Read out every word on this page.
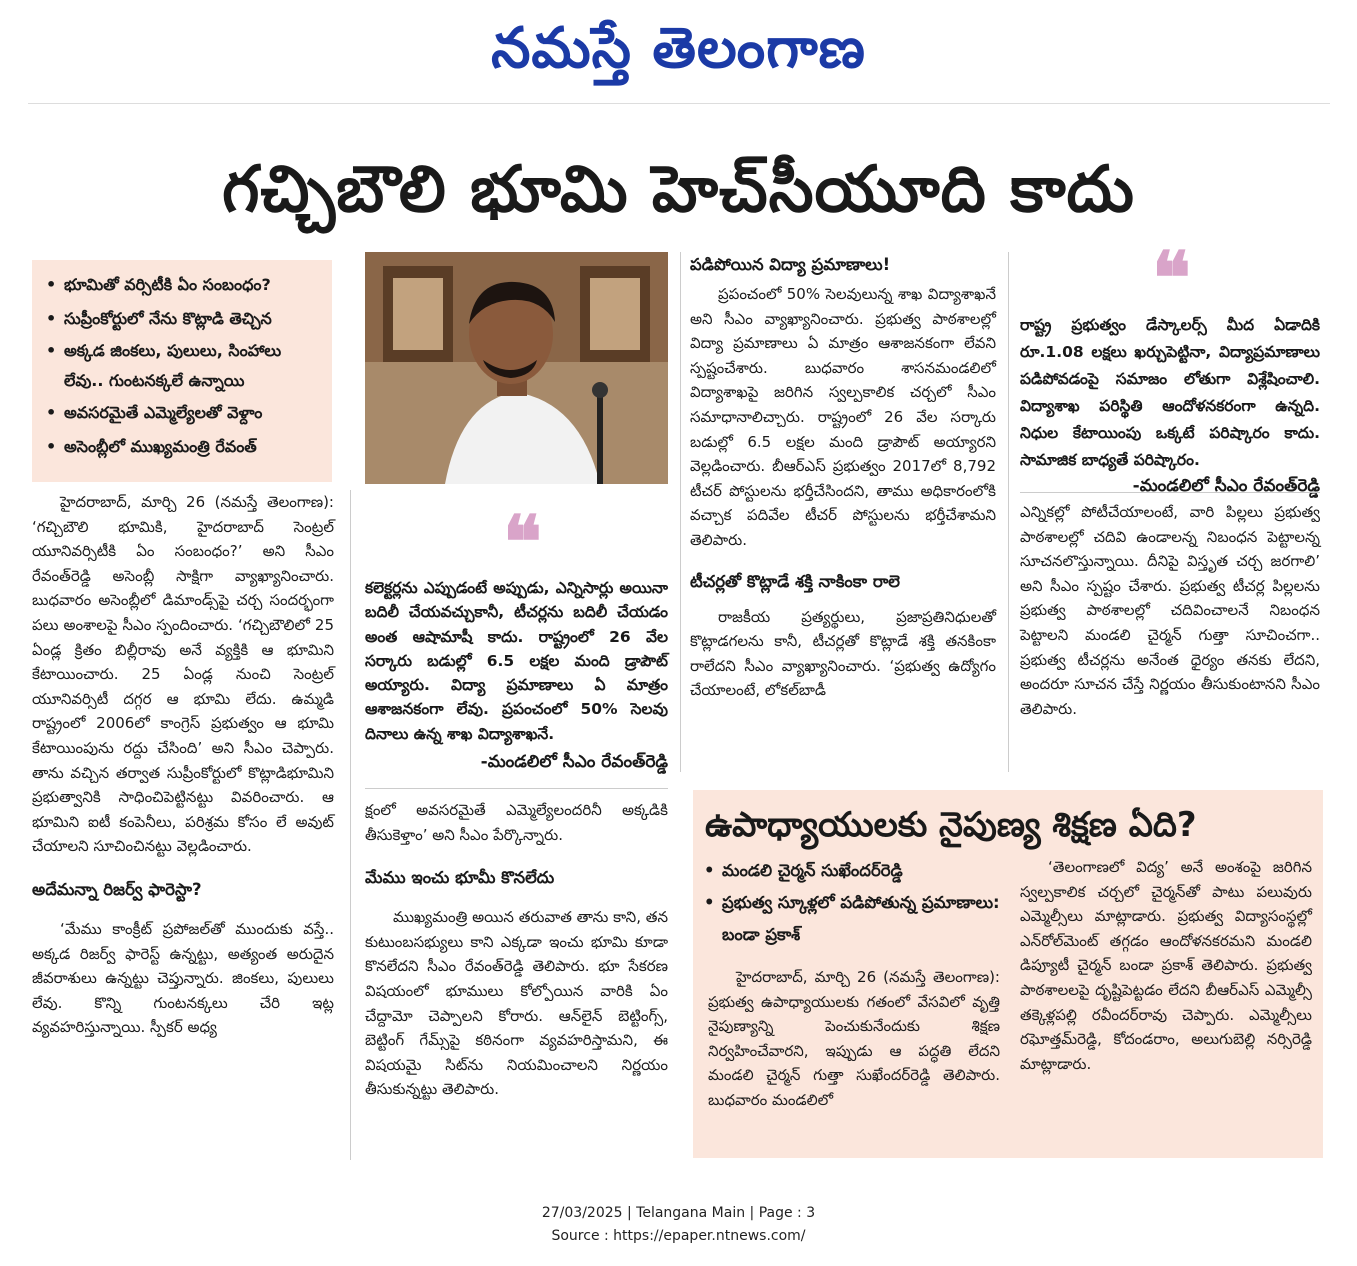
నమస్తే తెలంగాణ
గచ్చిబౌలి భూమి హెచ్‌సీయూది కాదు
• భూమితో వర్సిటీకి ఏం సంబంధం?
• సుప్రీంకోర్టులో నేను కొట్లాడి తెచ్చిన
• అక్కడ జింకలు, పులులు, సింహాలు లేవు.. గుంటనక్కలే ఉన్నాయి
• అవసరమైతే ఎమ్మెల్యేలతో వెళ్దాం
• అసెంబ్లీలో ముఖ్యమంత్రి రేవంత్

హైదరాబాద్, మార్చి 26 (నమస్తే తెలంగాణ): ‘గచ్చిబౌలి భూమికి, హైదరాబాద్ సెంట్రల్ యూనివర్సిటీకి ఏం సంబంధం?’ అని సీఎం రేవంత్‌రెడ్డి అసెంబ్లీ సాక్షిగా వ్యాఖ్యానించారు. బుధవారం అసెంబ్లీలో డిమాండ్స్‌పై చర్చ సందర్భంగా పలు అంశాలపై సీఎం స్పందించారు. ‘గచ్చిబౌలిలో 25 ఏండ్ల క్రితం బిల్లీరావు అనే వ్యక్తికి ఆ భూమిని కేటాయించారు. 25 ఏండ్ల నుంచి సెంట్రల్ యూనివర్సిటీ దగ్గర ఆ భూమి లేదు. ఉమ్మడి రాష్ట్రంలో 2006లో కాంగ్రెస్ ప్రభుత్వం ఆ భూమి కేటాయింపును రద్దు చేసింది’ అని సీఎం చెప్పారు. తాను వచ్చిన తర్వాత సుప్రీంకోర్టులో కొట్లాడిభూమిని ప్రభుత్వానికి సాధించిపెట్టినట్టు వివరించారు. ఆ భూమిని ఐటీ కంపెనీలు, పరిశ్రమ కోసం లే అవుట్ చేయాలని సూచించినట్టు వెల్లడించారు.

అదేమన్నా రిజర్వ్ ఫారెస్టా?

‘మేము కాంక్రీట్ ప్రపోజల్‌తో ముందుకు వస్తే.. అక్కడ రిజర్వ్ ఫారెస్ట్ ఉన్నట్టు, అత్యంత అరుదైన జీవరాశులు ఉన్నట్టు చెప్తున్నారు. జింకలు, పులులు లేవు. కొన్ని గుంటనక్కలు చేరి ఇట్ల వ్యవహరిస్తున్నాయి. స్పీకర్ అధ్య

❝
కలెక్టర్లను ఎప్పుడంటే అప్పుడు, ఎన్నిసార్లు అయినా బదిలీ చేయవచ్చుకానీ, టీచర్లను బదిలీ చేయడం అంత ఆషామాషీ కాదు. రాష్ట్రంలో 26 వేల సర్కారు బడుల్లో 6.5 లక్షల మంది డ్రాపౌట్ అయ్యారు. విద్యా ప్రమాణాలు ఏ మాత్రం ఆశాజనకంగా లేవు. ప్రపంచంలో 50% సెలవు దినాలు ఉన్న శాఖ విద్యాశాఖనే.
-మండలిలో సీఎం రేవంత్‌రెడ్డి

క్షంలో అవసరమైతే ఎమ్మెల్యేలందరినీ అక్కడికి తీసుకెళ్తాం’ అని సీఎం పేర్కొన్నారు.

మేము ఇంచు భూమీ కొనలేదు

ముఖ్యమంత్రి అయిన తరువాత తాను కాని, తన కుటుంబసభ్యులు కాని ఎక్కడా ఇంచు భూమి కూడా కొనలేదని సీఎం రేవంత్‌రెడ్డి తెలిపారు. భూ సేకరణ విషయంలో భూములు కోల్పోయిన వారికి ఏం చేద్దామో చెప్పాలని కోరారు. ఆన్‌లైన్ బెట్టింగ్స్, బెట్టింగ్ గేమ్స్‌పై కఠినంగా వ్యవహరిస్తామని, ఈ విషయమై సిట్‌ను నియమించాలని నిర్ణయం తీసుకున్నట్టు తెలిపారు.

పడిపోయిన విద్యా ప్రమాణాలు!

ప్రపంచంలో 50% సెలవులున్న శాఖ విద్యాశాఖనే అని సీఎం వ్యాఖ్యానించారు. ప్రభుత్వ పాఠశాలల్లో విద్యా ప్రమాణాలు ఏ మాత్రం ఆశాజనకంగా లేవని స్పష్టంచేశారు. బుధవారం శాసనమండలిలో విద్యాశాఖపై జరిగిన స్వల్పకాలిక చర్చలో సీఎం సమాధానాలిచ్చారు. రాష్ట్రంలో 26 వేల సర్కారు బడుల్లో 6.5 లక్షల మంది డ్రాపౌట్ అయ్యారని వెల్లడించారు. బీఆర్‌ఎస్ ప్రభుత్వం 2017లో 8,792 టీచర్ పోస్టులను భర్తీచేసిందని, తాము అధికారంలోకి వచ్చాక పదివేల టీచర్ పోస్టులను భర్తీచేశామని తెలిపారు.

టీచర్లతో కొట్లాడే శక్తి నాకింకా రాలె

రాజకీయ ప్రత్యర్థులు, ప్రజాప్రతినిధులతో కొట్లాడగలను కానీ, టీచర్లతో కొట్లాడే శక్తి తనకింకా రాలేదని సీఎం వ్యాఖ్యానించారు. ‘ప్రభుత్వ ఉద్యోగం చేయాలంటే, లోకల్‌బాడీ

❝
రాష్ట్ర ప్రభుత్వం డేస్కాలర్స్ మీద ఏడాదికి రూ.1.08 లక్షలు ఖర్చుపెట్టినా, విద్యాప్రమాణాలు పడిపోవడంపై సమాజం లోతుగా విశ్లేషించాలి. విద్యాశాఖ పరిస్థితి ఆందోళనకరంగా ఉన్నది. నిధుల కేటాయింపు ఒక్కటే పరిష్కారం కాదు. సామాజిక బాధ్యతే పరిష్కారం.
-మండలిలో సీఎం రేవంత్‌రెడ్డి

ఎన్నికల్లో పోటీచేయాలంటే, వారి పిల్లలు ప్రభుత్వ పాఠశాలల్లో చదివి ఉండాలన్న నిబంధన పెట్టాలన్న సూచనలొస్తున్నాయి. దీనిపై విస్తృత చర్చ జరగాలి’ అని సీఎం స్పష్టం చేశారు. ప్రభుత్వ టీచర్ల పిల్లలను ప్రభుత్వ పాఠశాలల్లో చదివించాలనే నిబంధన పెట్టాలని మండలి చైర్మన్ గుత్తా సూచించగా.. ప్రభుత్వ టీచర్లను అనేంత ధైర్యం తనకు లేదని, అందరూ సూచన చేస్తే నిర్ణయం తీసుకుంటానని సీఎం తెలిపారు.

ఉపాధ్యాయులకు నైపుణ్య శిక్షణ ఏది?
• మండలి చైర్మన్ సుఖేందర్‌రెడ్డి
• ప్రభుత్వ స్కూళ్లలో పడిపోతున్న ప్రమాణాలు: బండా ప్రకాశ్

హైదరాబాద్, మార్చి 26 (నమస్తే తెలంగాణ): ప్రభుత్వ ఉపాధ్యాయులకు గతంలో వేసవిలో వృత్తి నైపుణ్యాన్ని పెంచుకునేందుకు శిక్షణ నిర్వహించేవారని, ఇప్పుడు ఆ పద్ధతి లేదని మండలి చైర్మన్ గుత్తా సుఖేందర్‌రెడ్డి తెలిపారు. బుధవారం మండలిలో

‘తెలంగాణలో విద్య’ అనే అంశంపై జరిగిన స్వల్పకాలిక చర్చలో చైర్మన్‌తో పాటు పలువురు ఎమ్మెల్సీలు మాట్లాడారు. ప్రభుత్వ విద్యాసంస్థల్లో ఎన్‌రోల్‌మెంట్ తగ్గడం ఆందోళనకరమని మండలి డిప్యూటీ చైర్మన్ బండా ప్రకాశ్ తెలిపారు. ప్రభుత్వ పాఠశాలలపై దృష్టిపెట్టడం లేదని బీఆర్‌ఎస్ ఎమ్మెల్సీ తక్కెళ్లపల్లి రవీందర్‌రావు చెప్పారు. ఎమ్మెల్సీలు రఘోత్తమ్‌రెడ్డి, కోదండరాం, అలుగుబెల్లి నర్సిరెడ్డి మాట్లాడారు.

27/03/2025 | Telangana Main | Page : 3
Source : https://epaper.ntnews.com/
